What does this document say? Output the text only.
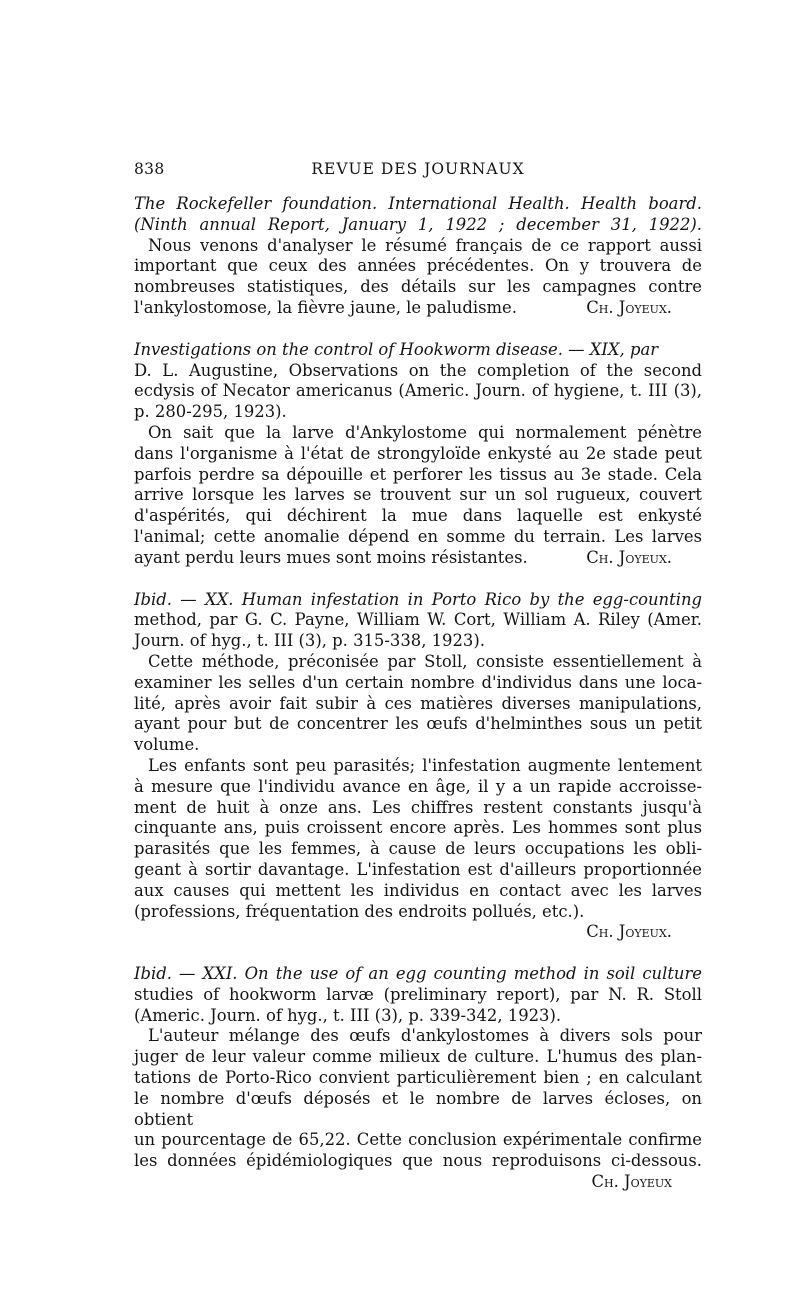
838	REVUE DES JOURNAUX
The Rockefeller foundation. International Health. Health board.
(Ninth annual Report, January 1, 1922 ; december 31, 1922).
Nous venons d'analyser le résumé français de ce rapport aussi
important que ceux des années précédentes. On y trouvera de
nombreuses statistiques, des détails sur les campagnes contre
l'ankylostomose, la fièvre jaune, le paludisme.	Ch. Joyeux.
Investigations on the control of Hookworm disease. — XIX, par
D. L. Augustine, Observations on the completion of the second
ecdysis of Necator americanus (Americ. Journ. of hygiene, t. III (3),
p. 280-295, 1923).
On sait que la larve d'Ankylostome qui normalement pénètre
dans l'organisme à l'état de strongyloïde enkysté au 2e stade peut
parfois perdre sa dépouille et perforer les tissus au 3e stade. Cela
arrive lorsque les larves se trouvent sur un sol rugueux, couvert
d'aspérités, qui déchirent la mue dans laquelle est enkysté
l'animal; cette anomalie dépend en somme du terrain. Les larves
ayant perdu leurs mues sont moins résistantes.	Ch. Joyeux.
Ibid. — XX. Human infestation in Porto Rico by the egg-counting
method, par G. C. Payne, William W. Cort, William A. Riley (Amer.
Journ. of hyg., t. III (3), p. 315-338, 1923).
Cette méthode, préconisée par Stoll, consiste essentiellement à
examiner les selles d'un certain nombre d'individus dans une loca-
lité, après avoir fait subir à ces matières diverses manipulations,
ayant pour but de concentrer les œufs d'helminthes sous un petit
volume.
Les enfants sont peu parasités; l'infestation augmente lentement
à mesure que l'individu avance en âge, il y a un rapide accroisse-
ment de huit à onze ans. Les chiffres restent constants jusqu'à
cinquante ans, puis croissent encore après. Les hommes sont plus
parasités que les femmes, à cause de leurs occupations les obli-
geant à sortir davantage. L'infestation est d'ailleurs proportionnée
aux causes qui mettent les individus en contact avec les larves
(professions, fréquentation des endroits pollués, etc.).
Ch. Joyeux.
Ibid. — XXI. On the use of an egg counting method in soil culture
studies of hookworm larvæ (preliminary report), par N. R. Stoll
(Americ. Journ. of hyg., t. III (3), p. 339-342, 1923).
L'auteur mélange des œufs d'ankylostomes à divers sols pour
juger de leur valeur comme milieux de culture. L'humus des plan-
tations de Porto-Rico convient particulièrement bien ; en calculant
le nombre d'œufs déposés et le nombre de larves écloses, on obtient
un pourcentage de 65,22. Cette conclusion expérimentale confirme
les données épidémiologiques que nous reproduisons ci-dessous.
Ch. Joyeux
